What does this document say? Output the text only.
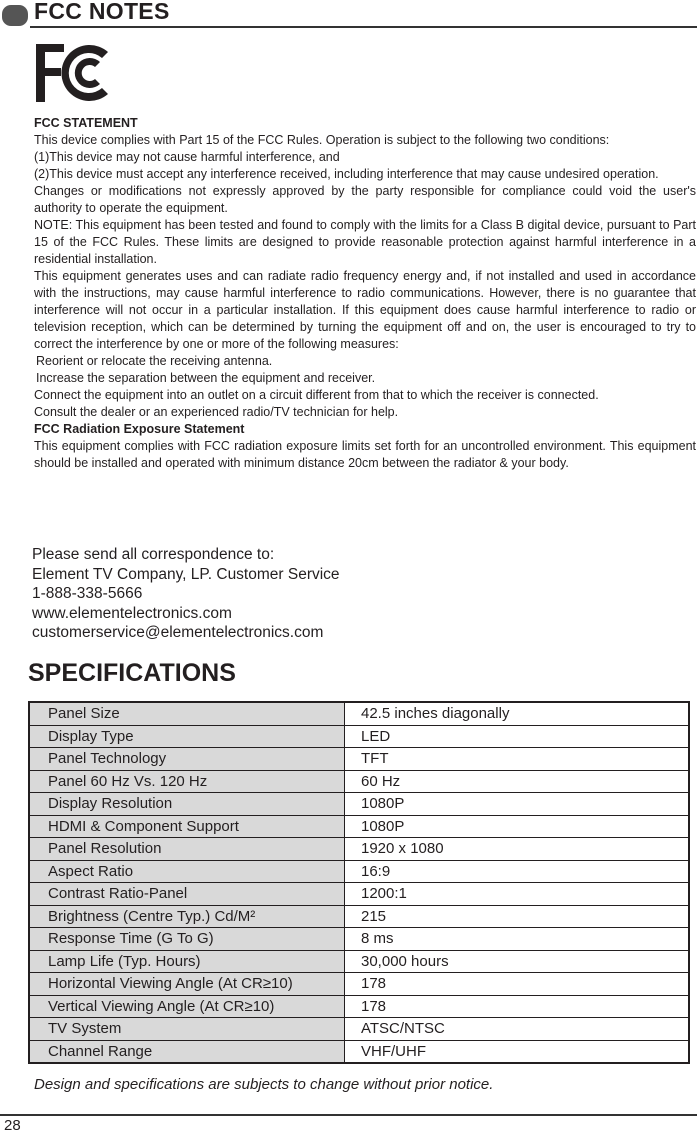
FCC NOTES

FCC STATEMENT

This device complies with Part 15 of the FCC Rules. Operation is subject to the following two conditions:

(1)This device may not cause harmful interference, and

(2)This device must accept any interference received, including interference that may cause undesired operation.

Changes or modifications not expressly approved by the party responsible for compliance could void the user's authority to operate the equipment.

NOTE: This equipment has been tested and found to comply with the limits for a Class B digital device, pursuant to Part 15 of the FCC Rules. These limits are designed to provide reasonable protection against harmful interference in a residential installation.

This equipment generates uses and can radiate radio frequency energy and, if not installed and used in accordance with the instructions, may cause harmful interference to radio communications. However, there is no guarantee that interference will not occur in a particular installation. If this equipment does cause harmful interference to radio or television reception, which can be determined by turning the equipment off and on, the user is encouraged to try to correct the interference by one or more of the following measures:

Reorient or relocate the receiving antenna.

Increase the separation between the equipment and receiver.

Connect the equipment into an outlet on a circuit different from that to which the receiver is connected.

Consult the dealer or an experienced radio/TV technician for help.

FCC Radiation Exposure Statement

This equipment complies with FCC radiation exposure limits set forth for an uncontrolled environment. This equipment should be installed and operated with minimum distance 20cm between the radiator & your body.

Please send all correspondence to:
Element TV Company, LP. Customer Service
1-888-338-5666
www.elementelectronics.com
customerservice@elementelectronics.com
SPECIFICATIONS
Panel Size	42.5 inches diagonally
Display Type	LED
Panel Technology	TFT
Panel 60 Hz Vs. 120 Hz	60 Hz
Display Resolution	1080P
HDMI & Component Support	1080P
Panel Resolution	1920 x 1080
Aspect Ratio	16:9
Contrast Ratio-Panel	1200:1
Brightness (Centre Typ.) Cd/M²	215
Response Time (G To G)	8 ms
Lamp Life (Typ. Hours)	30,000 hours
Horizontal Viewing Angle (At CR≥10)	178
Vertical Viewing Angle (At CR≥10)	178
TV System	ATSC/NTSC
Channel Range	VHF/UHF
Design and specifications are subjects to change without prior notice.
28
